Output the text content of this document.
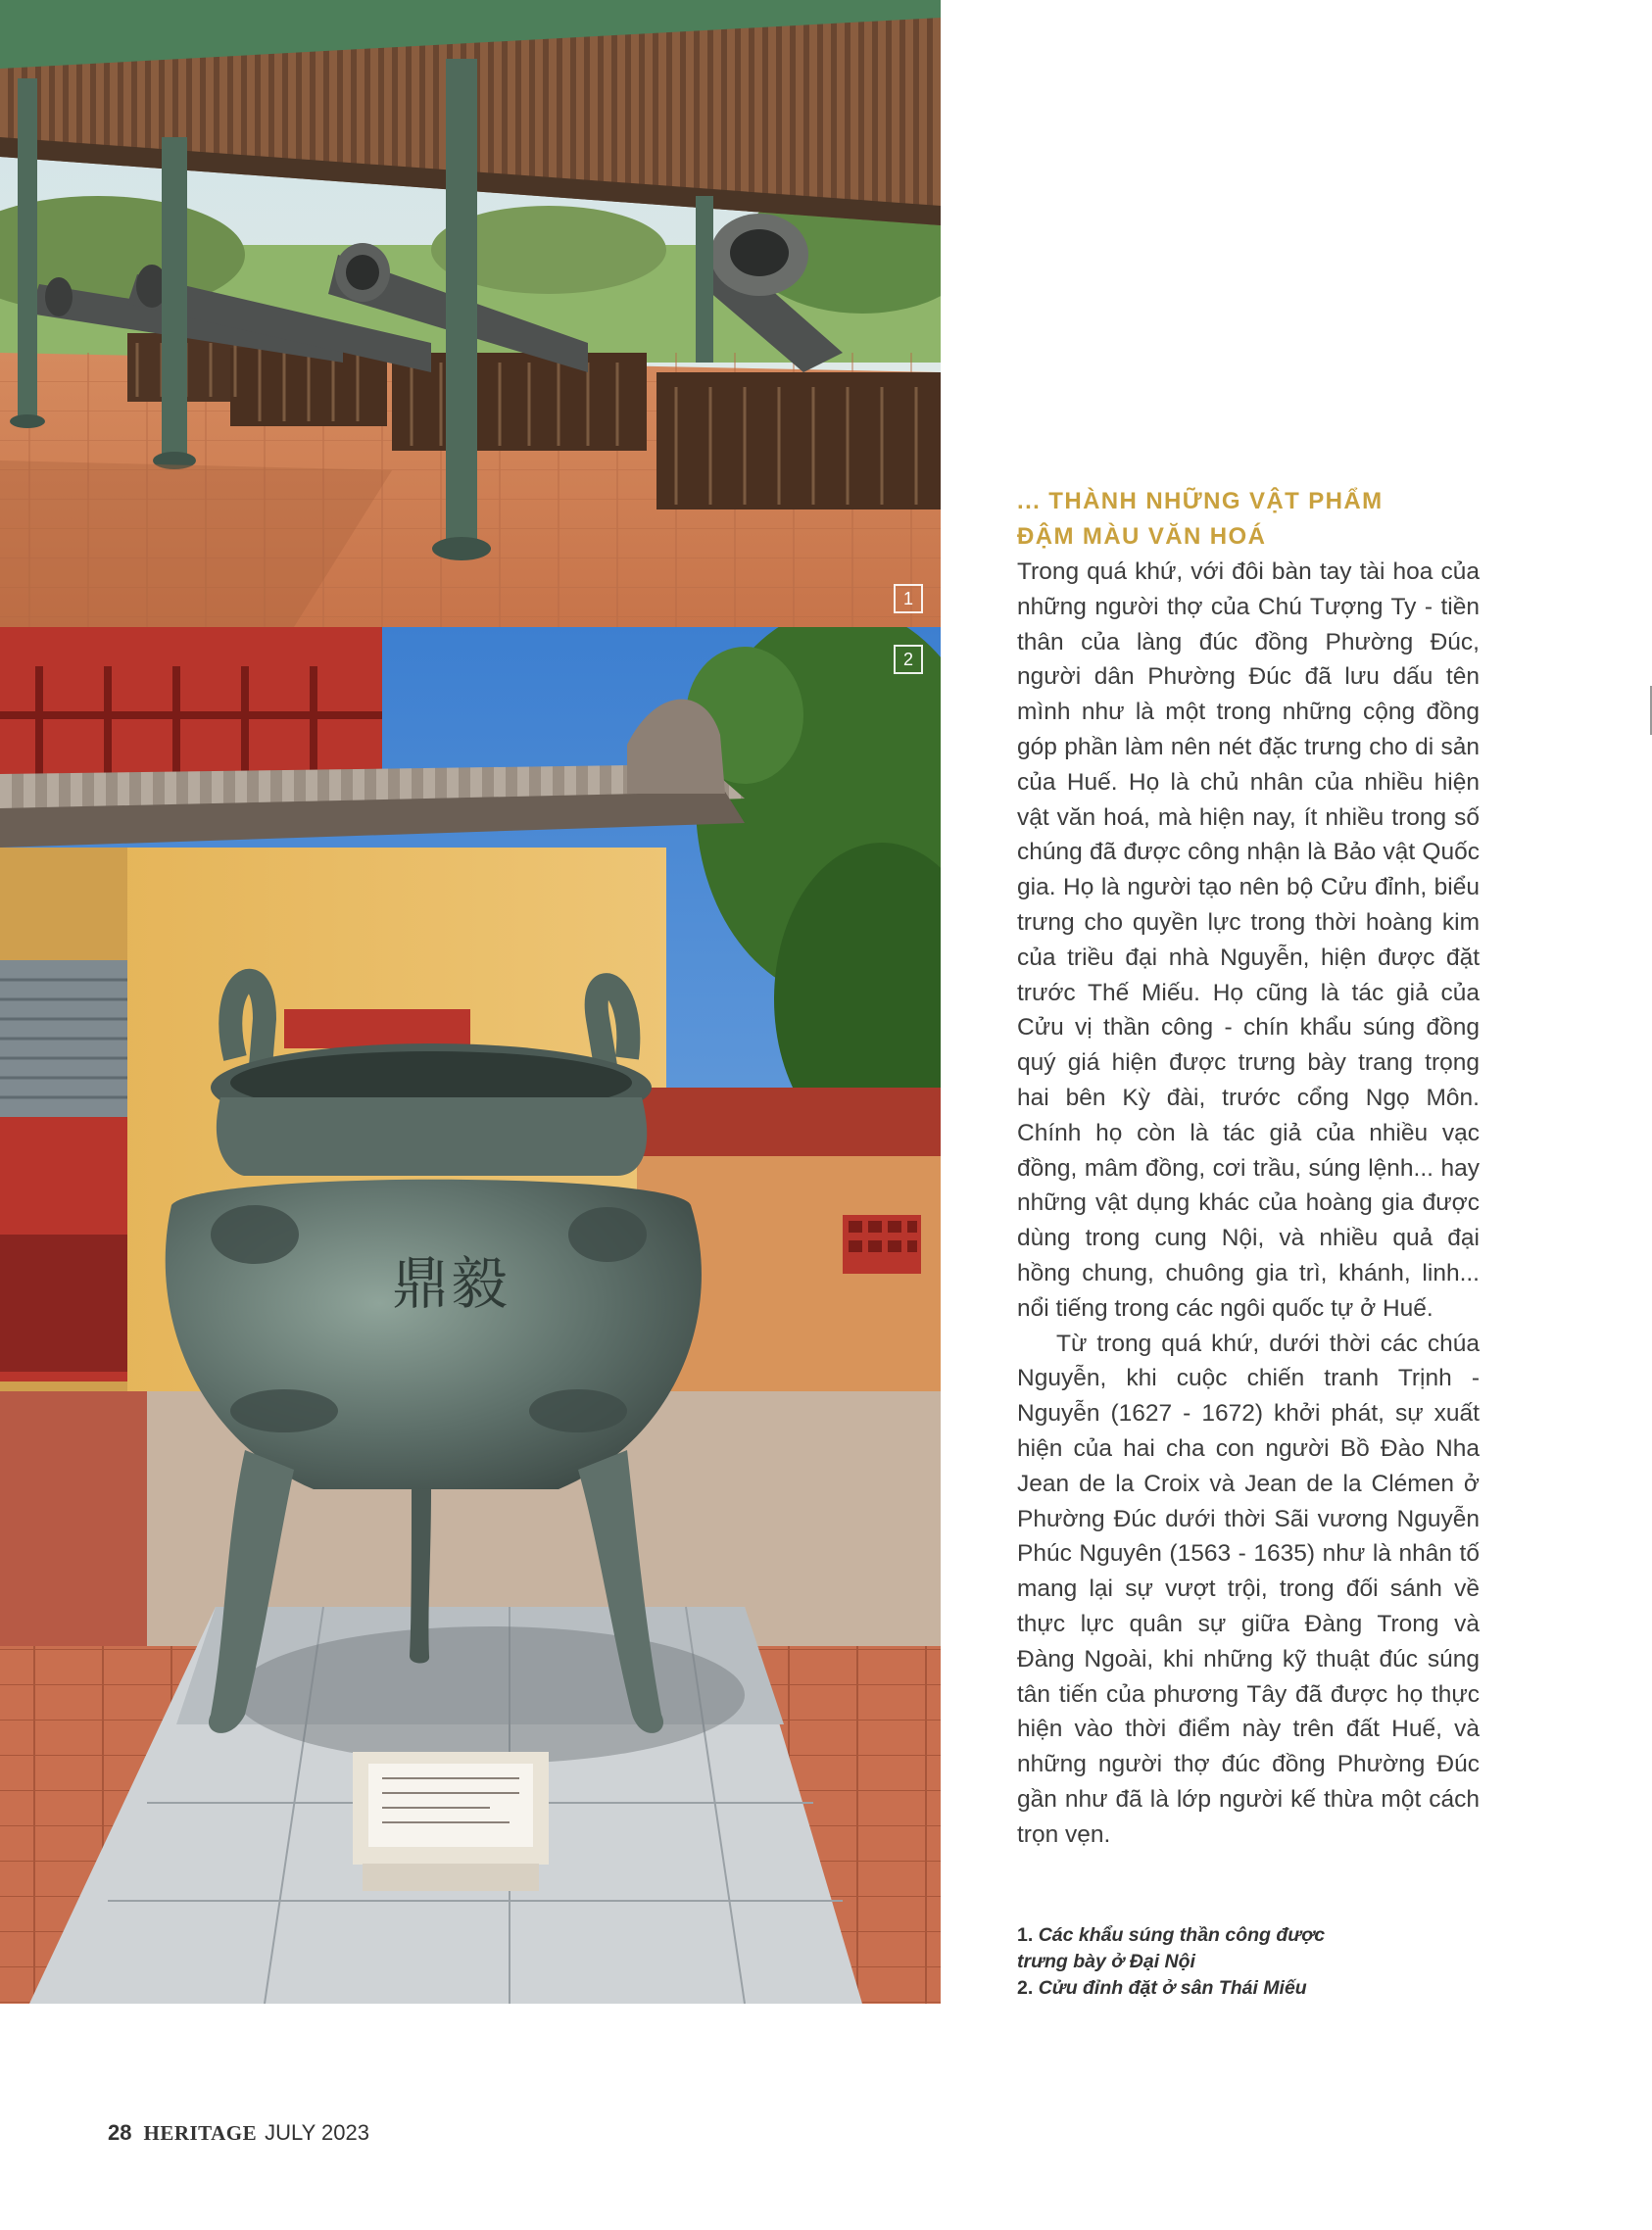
1
鼎 毅
2
... THÀNH NHỮNG VẬT PHẨM
ĐẬM MÀU VĂN HOÁ

Trong quá khứ, với đôi bàn tay tài hoa của những người thợ của Chú Tượng Ty - tiền thân của làng đúc đồng Phường Đúc, người dân Phường Đúc đã lưu dấu tên mình như là một trong những cộng đồng góp phần làm nên nét đặc trưng cho di sản của Huế. Họ là chủ nhân của nhiều hiện vật văn hoá, mà hiện nay, ít nhiều trong số chúng đã được công nhận là Bảo vật Quốc gia. Họ là người tạo nên bộ Cửu đỉnh, biểu trưng cho quyền lực trong thời hoàng kim của triều đại nhà Nguyễn, hiện được đặt trước Thế Miếu. Họ cũng là tác giả của Cửu vị thần công - chín khẩu súng đồng quý giá hiện được trưng bày trang trọng hai bên Kỳ đài, trước cổng Ngọ Môn. Chính họ còn là tác giả của nhiều vạc đồng, mâm đồng, cơi trầu, súng lệnh... hay những vật dụng khác của hoàng gia được dùng trong cung Nội, và nhiều quả đại hồng chung, chuông gia trì, khánh, linh... nổi tiếng trong các ngôi quốc tự ở Huế.

Từ trong quá khứ, dưới thời các chúa Nguyễn, khi cuộc chiến tranh Trịnh - Nguyễn (1627 - 1672) khởi phát, sự xuất hiện của hai cha con người Bồ Đào Nha Jean de la Croix và Jean de la Clémen ở Phường Đúc dưới thời Sãi vương Nguyễn Phúc Nguyên (1563 - 1635) như là nhân tố mang lại sự vượt trội, trong đối sánh về thực lực quân sự giữa Đàng Trong và Đàng Ngoài, khi những kỹ thuật đúc súng tân tiến của phương Tây đã được họ thực hiện vào thời điểm này trên đất Huế, và những người thợ đúc đồng Phường Đúc gần như đã là lớp người kế thừa một cách trọn vẹn.

1. Các khẩu súng thần công được
trưng bày ở Đại Nội
2. Cửu đỉnh đặt ở sân Thái Miếu
28 HERITAGE JULY 2023
